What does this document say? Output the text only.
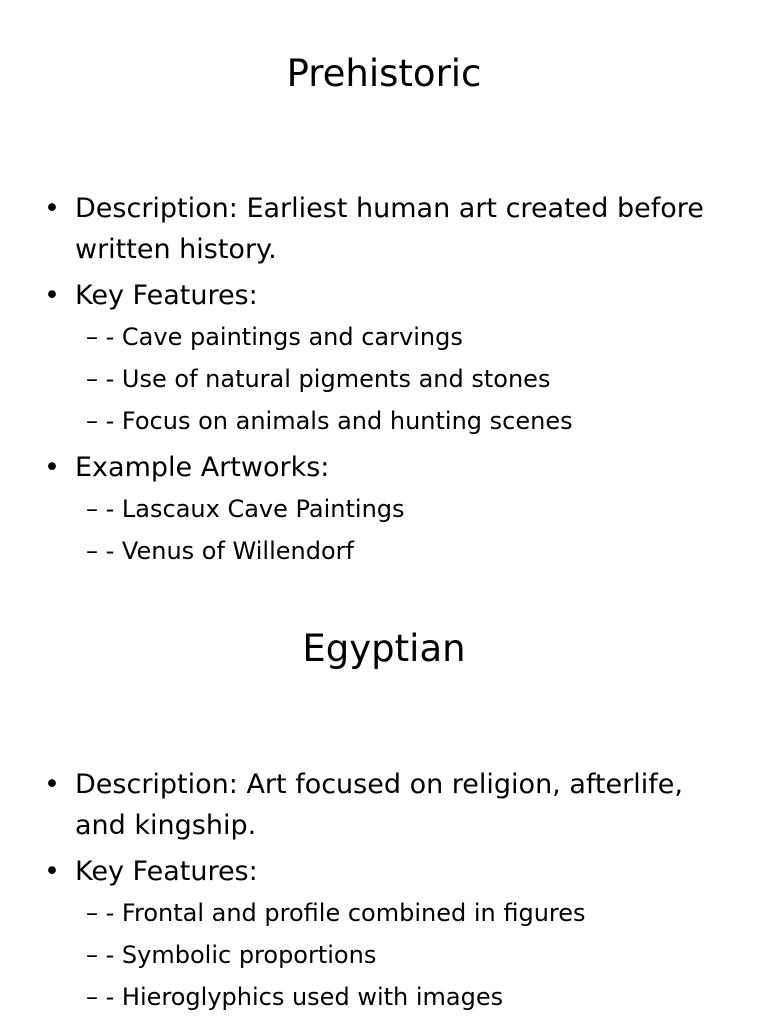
Prehistoric
• Description: Earliest human art created before written history.
• Key Features:
– - Cave paintings and carvings
– - Use of natural pigments and stones
– - Focus on animals and hunting scenes
• Example Artworks:
– - Lascaux Cave Paintings
– - Venus of Willendorf
Egyptian
• Description: Art focused on religion, afterlife, and kingship.
• Key Features:
– - Frontal and profile combined in figures
– - Symbolic proportions
– - Hieroglyphics used with images
